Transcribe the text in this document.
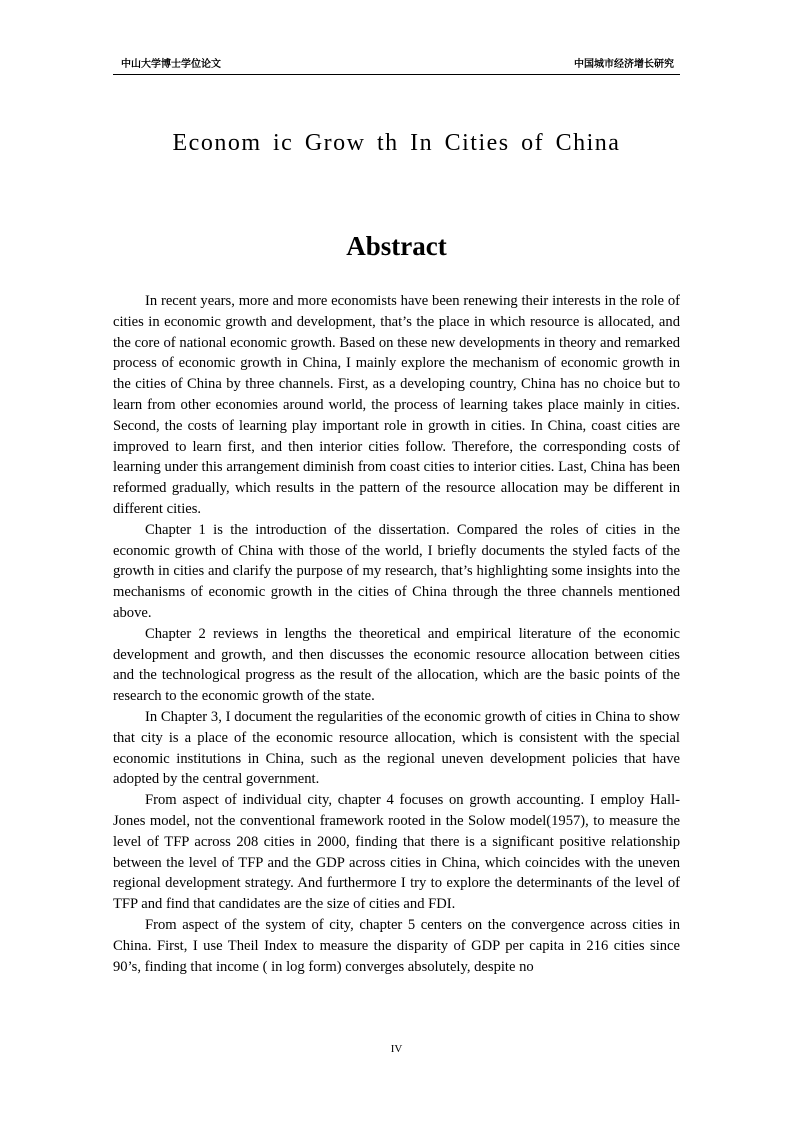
中山大学博士学位论文	中国城市经济增长研究
Econom ic Grow th In Cities of China
Abstract

In recent years, more and more economists have been renewing their interests in the role of cities in economic growth and development, that’s the place in which resource is allocated, and the core of national economic growth. Based on these new developments in theory and remarked process of economic growth in China, I mainly explore the mechanism of economic growth in the cities of China by three channels. First, as a developing country, China has no choice but to learn from other economies around world, the process of learning takes place mainly in cities. Second, the costs of learning play important role in growth in cities. In China, coast cities are improved to learn first, and then interior cities follow. Therefore, the corresponding costs of learning under this arrangement diminish from coast cities to interior cities. Last, China has been reformed gradually, which results in the pattern of the resource allocation may be different in different cities.

Chapter 1 is the introduction of the dissertation. Compared the roles of cities in the economic growth of China with those of the world, I briefly documents the styled facts of the growth in cities and clarify the purpose of my research, that’s highlighting some insights into the mechanisms of economic growth in the cities of China through the three channels mentioned above.

Chapter 2 reviews in lengths the theoretical and empirical literature of the economic development and growth, and then discusses the economic resource allocation between cities and the technological progress as the result of the allocation, which are the basic points of the research to the economic growth of the state.

In Chapter 3, I document the regularities of the economic growth of cities in China to show that city is a place of the economic resource allocation, which is consistent with the special economic institutions in China, such as the regional uneven development policies that have adopted by the central government.

From aspect of individual city, chapter 4 focuses on growth accounting. I employ Hall-Jones model, not the conventional framework rooted in the Solow model(1957), to measure the level of TFP across 208 cities in 2000, finding that there is a significant positive relationship between the level of TFP and the GDP across cities in China, which coincides with the uneven regional development strategy. And furthermore I try to explore the determinants of the level of TFP and find that candidates are the size of cities and FDI.

From aspect of the system of city, chapter 5 centers on the convergence across cities in China. First, I use Theil Index to measure the disparity of GDP per capita in 216 cities since 90’s, finding that income ( in log form) converges absolutely, despite no

IV
